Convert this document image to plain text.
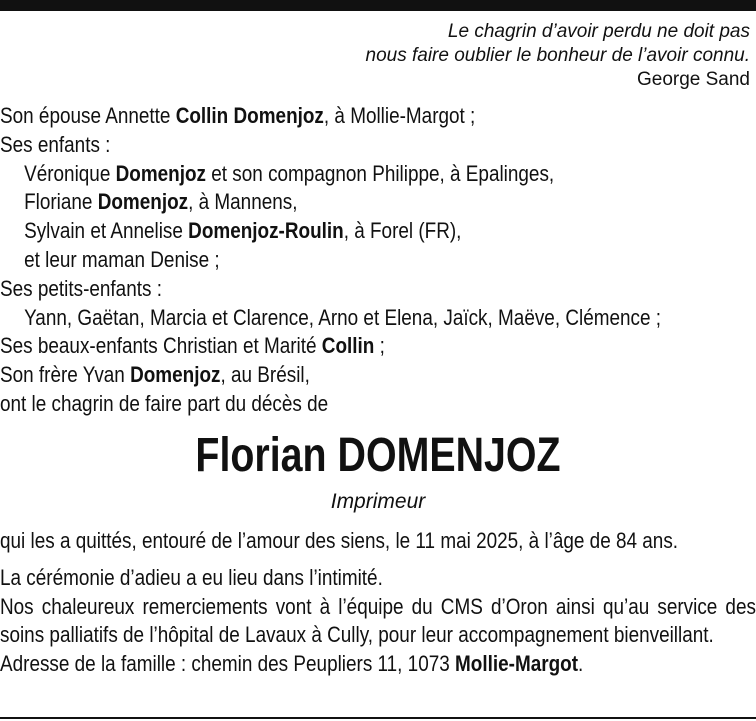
Le chagrin d’avoir perdu ne doit pas
nous faire oublier le bonheur de l’avoir connu.
George Sand
Son épouse Annette Collin Domenjoz, à Mollie-Margot ;
Ses enfants :
Véronique Domenjoz et son compagnon Philippe, à Epalinges,
Floriane Domenjoz, à Mannens,
Sylvain et Annelise Domenjoz-Roulin, à Forel (FR),
et leur maman Denise ;
Ses petits-enfants :
Yann, Gaëtan, Marcia et Clarence, Arno et Elena, Jaïck, Maëve, Clémence ;
Ses beaux-enfants Christian et Marité Collin ;
Son frère Yvan Domenjoz, au Brésil,
ont le chagrin de faire part du décès de
Florian DOMENJOZ
Imprimeur
qui les a quittés, entouré de l’amour des siens, le 11 mai 2025, à l’âge de 84 ans.
La cérémonie d’adieu a eu lieu dans l’intimité.
Nos chaleureux remerciements vont à l’équipe du CMS d’Oron ainsi qu’au service des soins palliatifs de l’hôpital de Lavaux à Cully, pour leur accompagnement bienveillant.
Adresse de la famille : chemin des Peupliers 11, 1073 Mollie-Margot.
